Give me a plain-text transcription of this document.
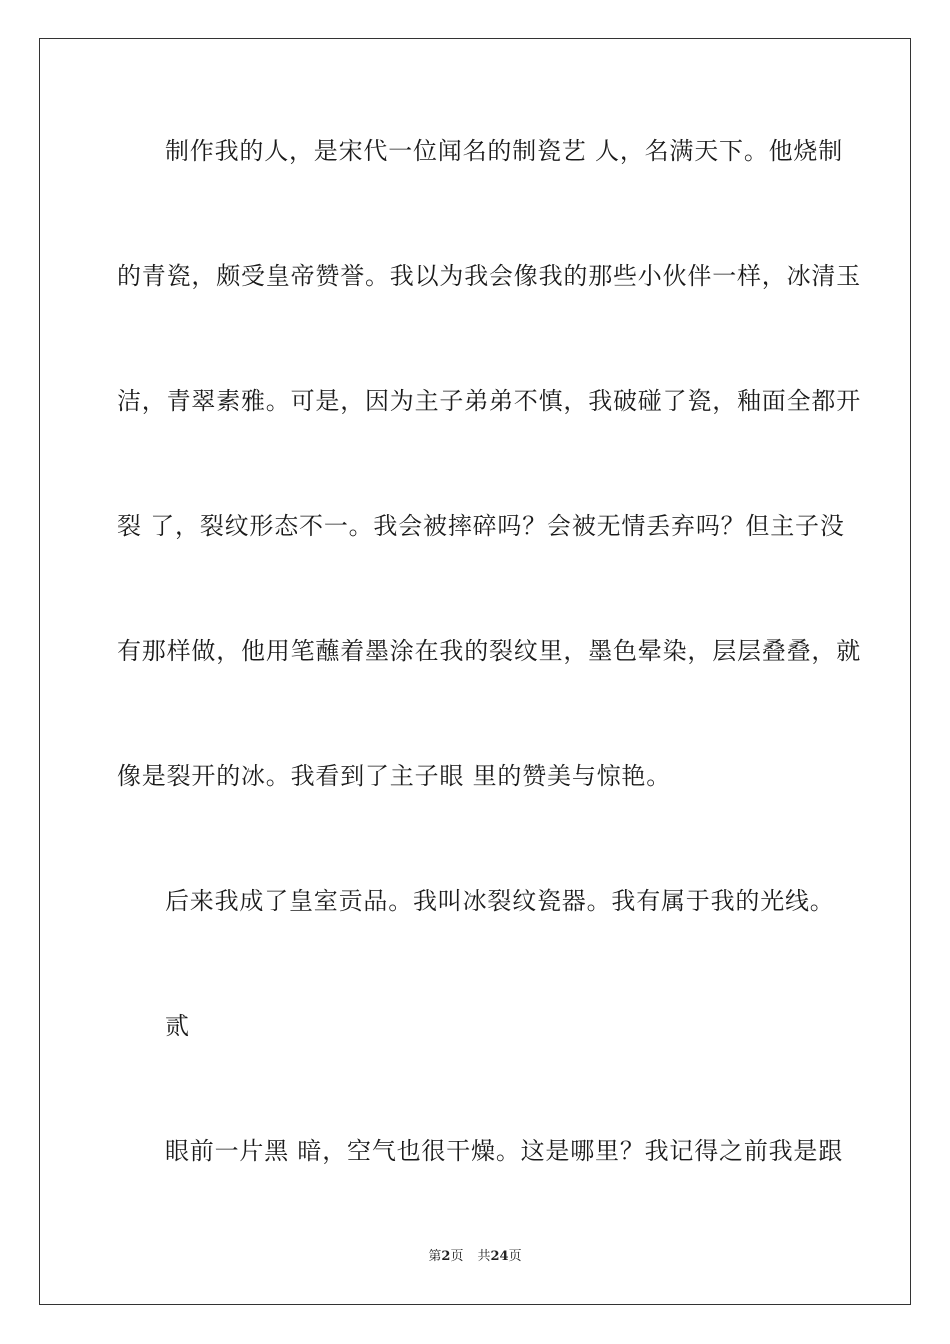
制作我的人，是宋代一位闻名的制瓷艺 人，名满天下。他烧制
的青瓷，颇受皇帝赞誉。我以为我会像我的那些小伙伴一样，冰清玉
洁，青翠素雅。可是，因为主子弟弟不慎，我破碰了瓷，釉面全都开
裂 了，裂纹形态不一。我会被摔碎吗？会被无情丢弃吗？但主子没
有那样做，他用笔蘸着墨涂在我的裂纹里，墨色晕染，层层叠叠，就
像是裂开的冰。我看到了主子眼 里的赞美与惊艳。
后来我成了皇室贡品。我叫冰裂纹瓷器。我有属于我的光线。
贰
眼前一片黑 暗，空气也很干燥。这是哪里？我记得之前我是跟
第2页 共24页
